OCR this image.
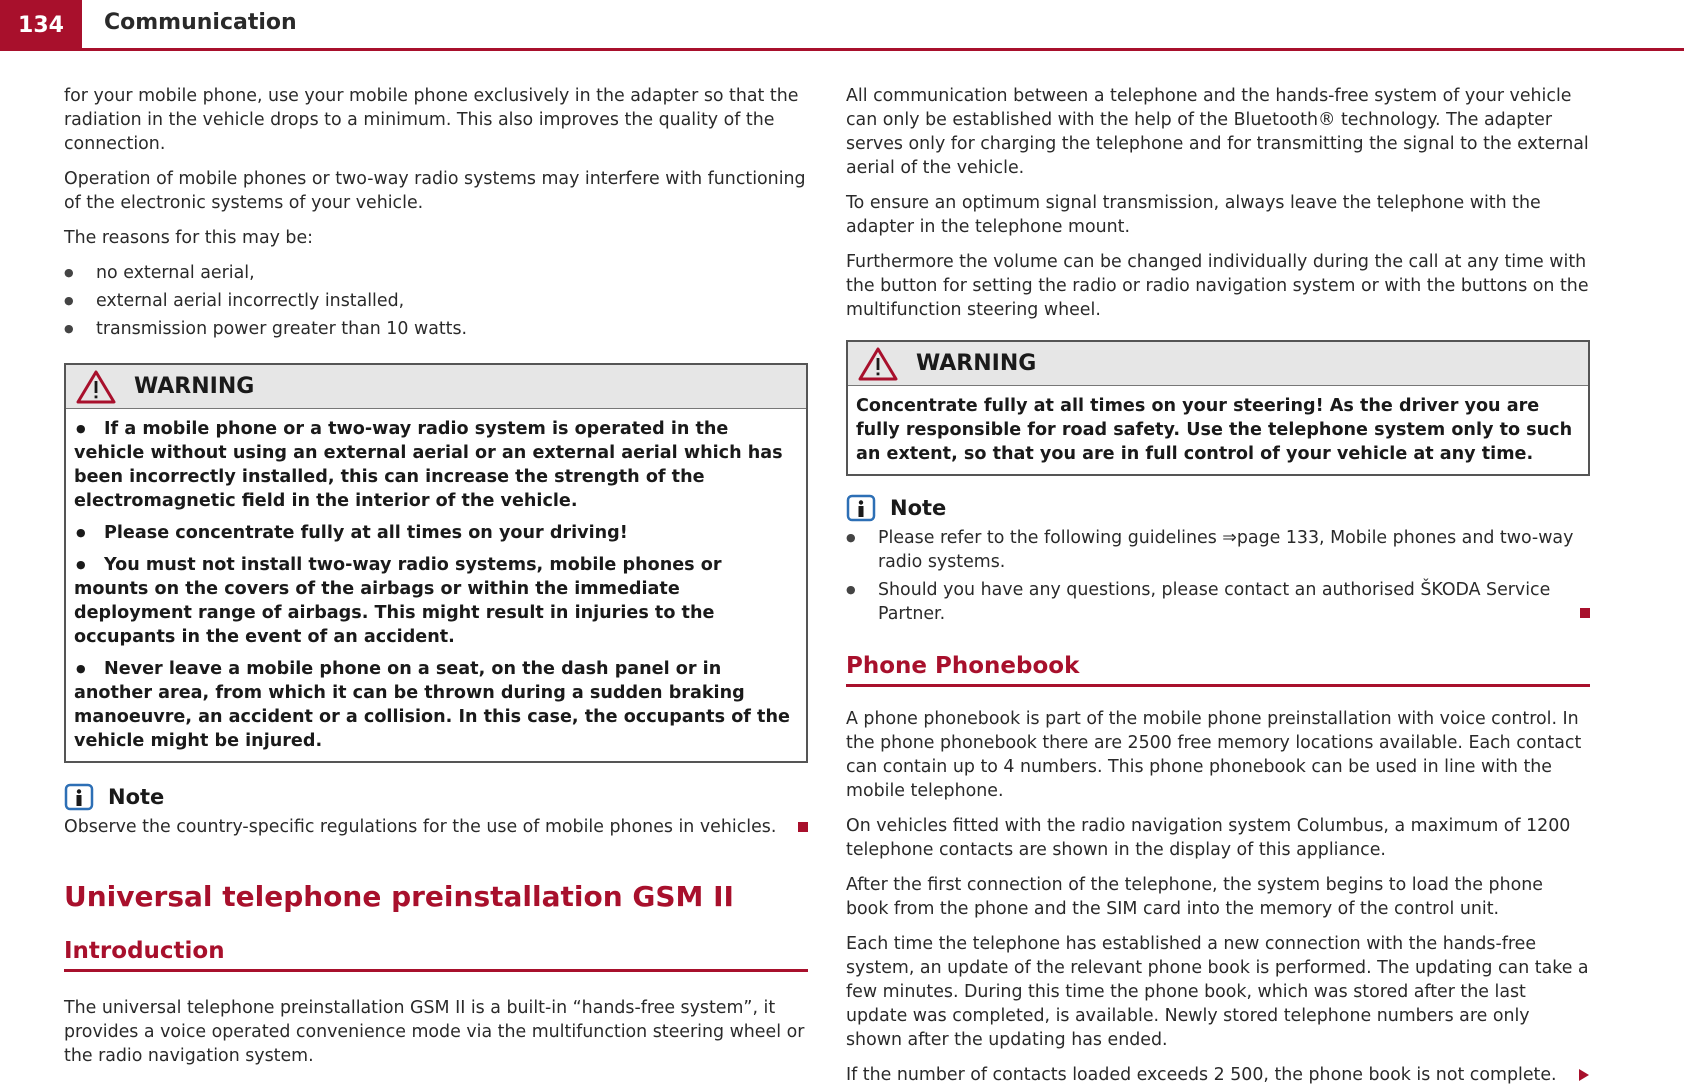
134	Communication

for your mobile phone, use your mobile phone exclusively in the adapter so that the radiation in the vehicle drops to a minimum. This also improves the quality of the connection.

Operation of mobile phones or two-way radio systems may interfere with functioning of the electronic systems of your vehicle.

The reasons for this may be:

● no external aerial,
● external aerial incorrectly installed,
● transmission power greater than 10 watts.
WARNING

● If a mobile phone or a two-way radio system is operated in the vehicle without using an external aerial or an external aerial which has been incorrectly installed, this can increase the strength of the electromagnetic field in the interior of the vehicle.

● Please concentrate fully at all times on your driving!

● You must not install two-way radio systems, mobile phones or mounts on the covers of the airbags or within the immediate deployment range of airbags. This might result in injuries to the occupants in the event of an accident.

● Never leave a mobile phone on a seat, on the dash panel or in another area, from which it can be thrown during a sudden braking manoeuvre, an accident or a collision. In this case, the occupants of the vehicle might be injured.

Note

Observe the country-specific regulations for the use of mobile phones in vehicles.

Universal telephone preinstallation GSM II
Introduction

The universal telephone preinstallation GSM II is a built-in “hands-free system”, it provides a voice operated convenience mode via the multifunction steering wheel or the radio navigation system.

All communication between a telephone and the hands-free system of your vehicle can only be established with the help of the Bluetooth® technology. The adapter serves only for charging the telephone and for transmitting the signal to the external aerial of the vehicle.

To ensure an optimum signal transmission, always leave the telephone with the adapter in the telephone mount.

Furthermore the volume can be changed individually during the call at any time with the button for setting the radio or radio navigation system or with the buttons on the multifunction steering wheel.

WARNING

Concentrate fully at all times on your steering! As the driver you are fully responsible for road safety. Use the telephone system only to such an extent, so that you are in full control of your vehicle at any time.

Note
● Please refer to the following guidelines ⇒page 133, Mobile phones and two-way radio systems.
● Should you have any questions, please contact an authorised ŠKODA Service Partner.
Phone Phonebook

A phone phonebook is part of the mobile phone preinstallation with voice control. In the phone phonebook there are 2500 free memory locations available. Each contact can contain up to 4 numbers. This phone phonebook can be used in line with the mobile telephone.

On vehicles fitted with the radio navigation system Columbus, a maximum of 1200 telephone contacts are shown in the display of this appliance.

After the first connection of the telephone, the system begins to load the phone book from the phone and the SIM card into the memory of the control unit.

Each time the telephone has established a new connection with the hands-free system, an update of the relevant phone book is performed. The updating can take a few minutes. During this time the phone book, which was stored after the last update was completed, is available. Newly stored telephone numbers are only shown after the updating has ended.

If the number of contacts loaded exceeds 2 500, the phone book is not complete.
